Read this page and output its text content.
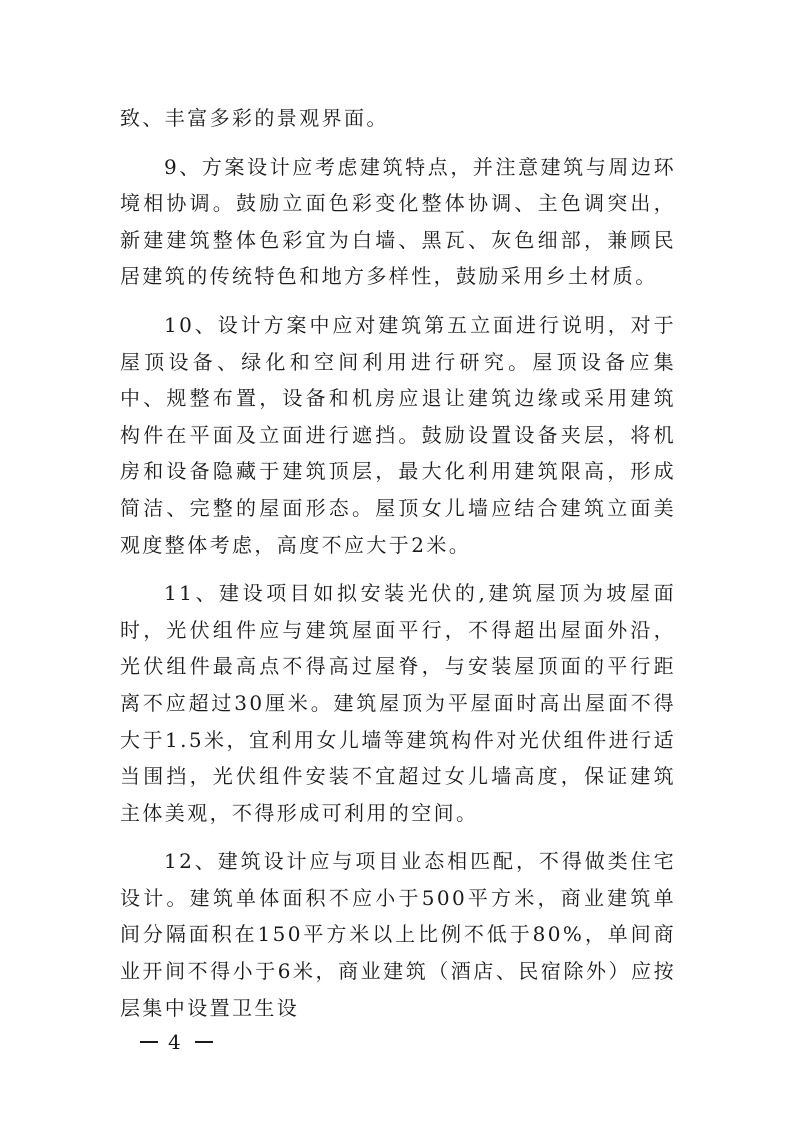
致、丰富多彩的景观界面。

9、方案设计应考虑建筑特点，并注意建筑与周边环境相协调。鼓励立面色彩变化整体协调、主色调突出，新建建筑整体色彩宜为白墙、黑瓦、灰色细部，兼顾民居建筑的传统特色和地方多样性，鼓励采用乡土材质。

10、设计方案中应对建筑第五立面进行说明，对于屋顶设备、绿化和空间利用进行研究。屋顶设备应集中、规整布置，设备和机房应退让建筑边缘或采用建筑构件在平面及立面进行遮挡。鼓励设置设备夹层，将机房和设备隐藏于建筑顶层，最大化利用建筑限高，形成简洁、完整的屋面形态。屋顶女儿墙应结合建筑立面美观度整体考虑，高度不应大于2米。

11、建设项目如拟安装光伏的,建筑屋顶为坡屋面时，光伏组件应与建筑屋面平行，不得超出屋面外沿，光伏组件最高点不得高过屋脊，与安装屋顶面的平行距离不应超过30厘米。建筑屋顶为平屋面时高出屋面不得大于1.5米，宜利用女儿墙等建筑构件对光伏组件进行适当围挡，光伏组件安装不宜超过女儿墙高度，保证建筑主体美观，不得形成可利用的空间。

12、建筑设计应与项目业态相匹配，不得做类住宅设计。建筑单体面积不应小于500平方米，商业建筑单间分隔面积在150平方米以上比例不低于80%，单间商业开间不得小于6米，商业建筑（酒店、民宿除外）应按层集中设置卫生设

4
